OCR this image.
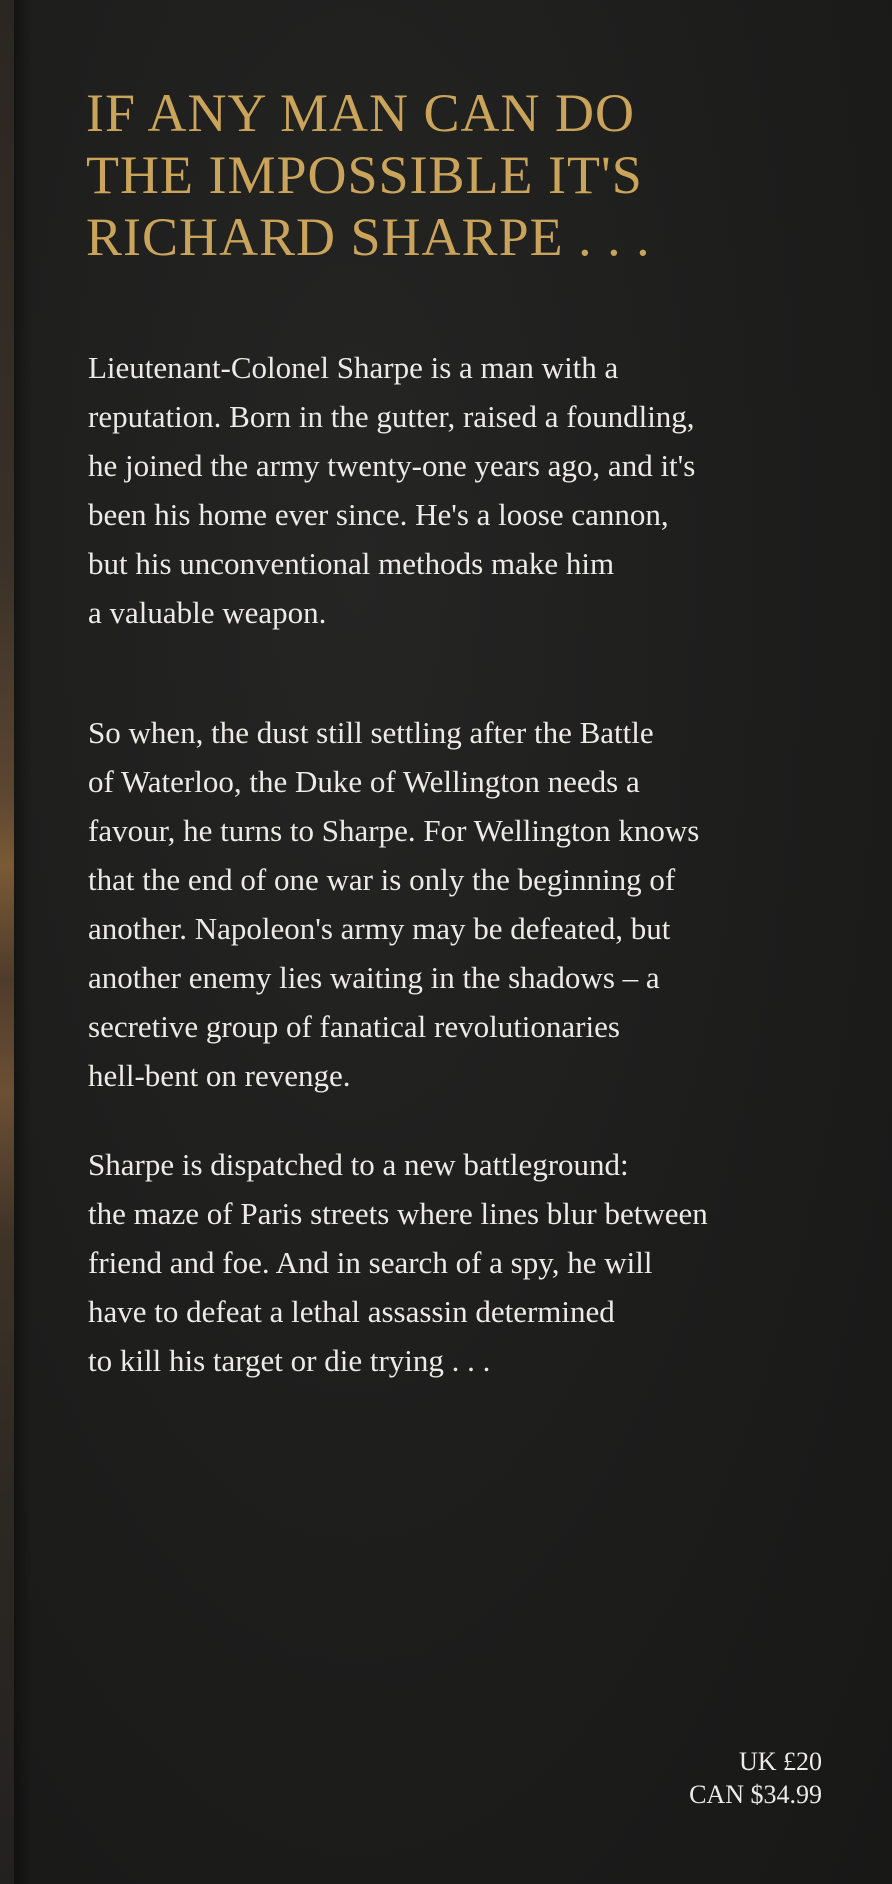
IF ANY MAN CAN DO
THE IMPOSSIBLE IT'S
RICHARD SHARPE . . .

Lieutenant-Colonel Sharpe is a man with a
reputation. Born in the gutter, raised a foundling,
he joined the army twenty-one years ago, and it's
been his home ever since. He's a loose cannon,
but his unconventional methods make him
a valuable weapon.

So when, the dust still settling after the Battle
of Waterloo, the Duke of Wellington needs a
favour, he turns to Sharpe. For Wellington knows
that the end of one war is only the beginning of
another. Napoleon's army may be defeated, but
another enemy lies waiting in the shadows – a
secretive group of fanatical revolutionaries
hell-bent on revenge.

Sharpe is dispatched to a new battleground:
the maze of Paris streets where lines blur between
friend and foe. And in search of a spy, he will
have to defeat a lethal assassin determined
to kill his target or die trying . . .

UK £20
CAN $34.99
